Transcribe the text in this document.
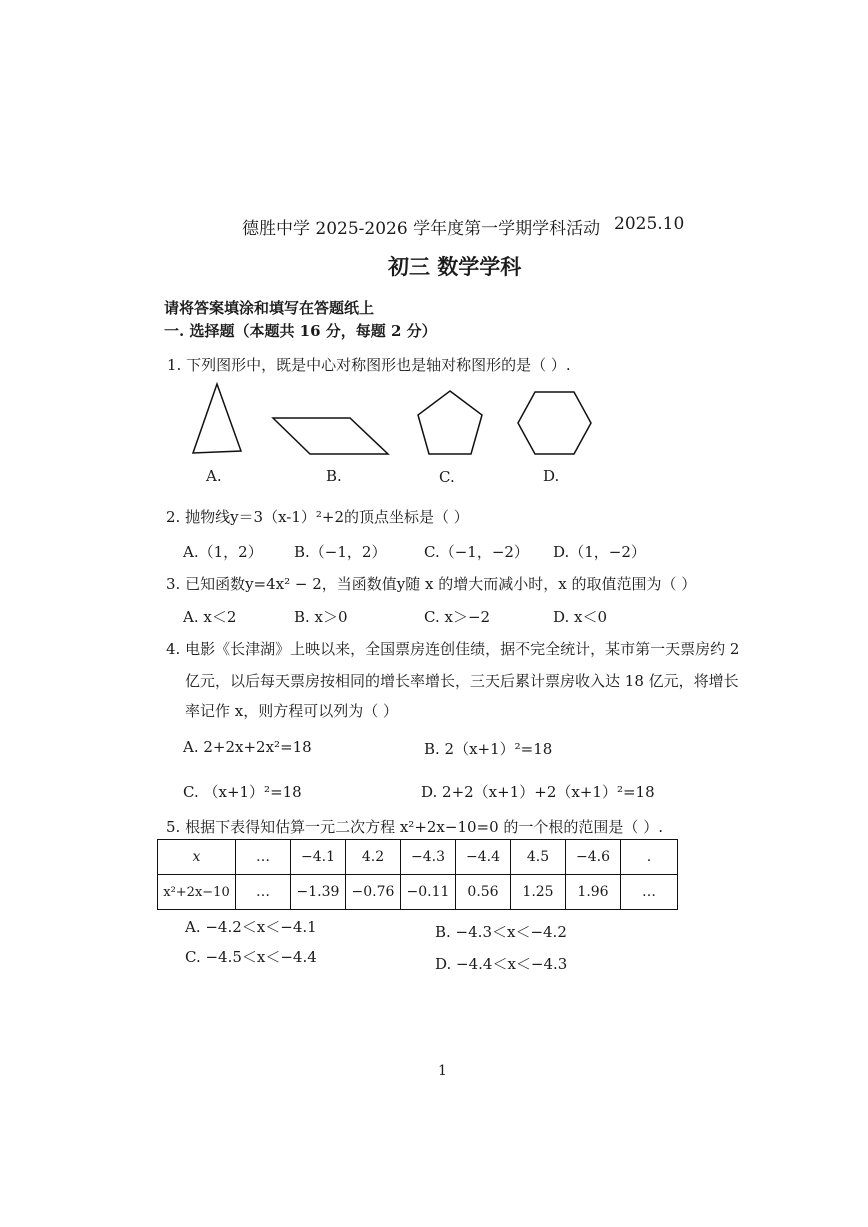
德胜中学 2025-2026 学年度第一学期学科活动 2025.10
初三 数学学科
请将答案填涂和填写在答题纸上
一. 选择题（本题共 16 分，每题 2 分）
1. 下列图形中，既是中心对称图形也是轴对称图形的是（ ）.
A.	B.	C.	D.
2. 抛物线y＝3（x-1）²+2的顶点坐标是（ ）
A.（1，2） B.（−1，2）	C.（−1，−2） D.（1，−2）
3. 已知函数y=4x² − 2，当函数值y随 x 的增大而减小时，x 的取值范围为（ ）
A. x＜2	B. x＞0	C. x＞−2	D. x＜0
4. 电影《长津湖》上映以来，全国票房连创佳绩，据不完全统计，某市第一天票房约 2
亿元，以后每天票房按相同的增长率增长，三天后累计票房收入达 18 亿元，将增长
率记作 x，则方程可以列为（ ）
A. 2+2x+2x²=18	B. 2（x+1）²=18
C. （x+1）²=18	D. 2+2（x+1）+2（x+1）²=18
5. 根据下表得知估算一元二次方程 x²+2x−10=0 的一个根的范围是（ ）.
x	…	−4.1	4.2	−4.3	−4.4	4.5	−4.6	.
x²+2x−10	…	−1.39	−0.76	−0.11	0.56	1.25	1.96	…
A. −4.2＜x＜−4.1	B. −4.3＜x＜−4.2
C. −4.5＜x＜−4.4	D. −4.4＜x＜−4.3
1
